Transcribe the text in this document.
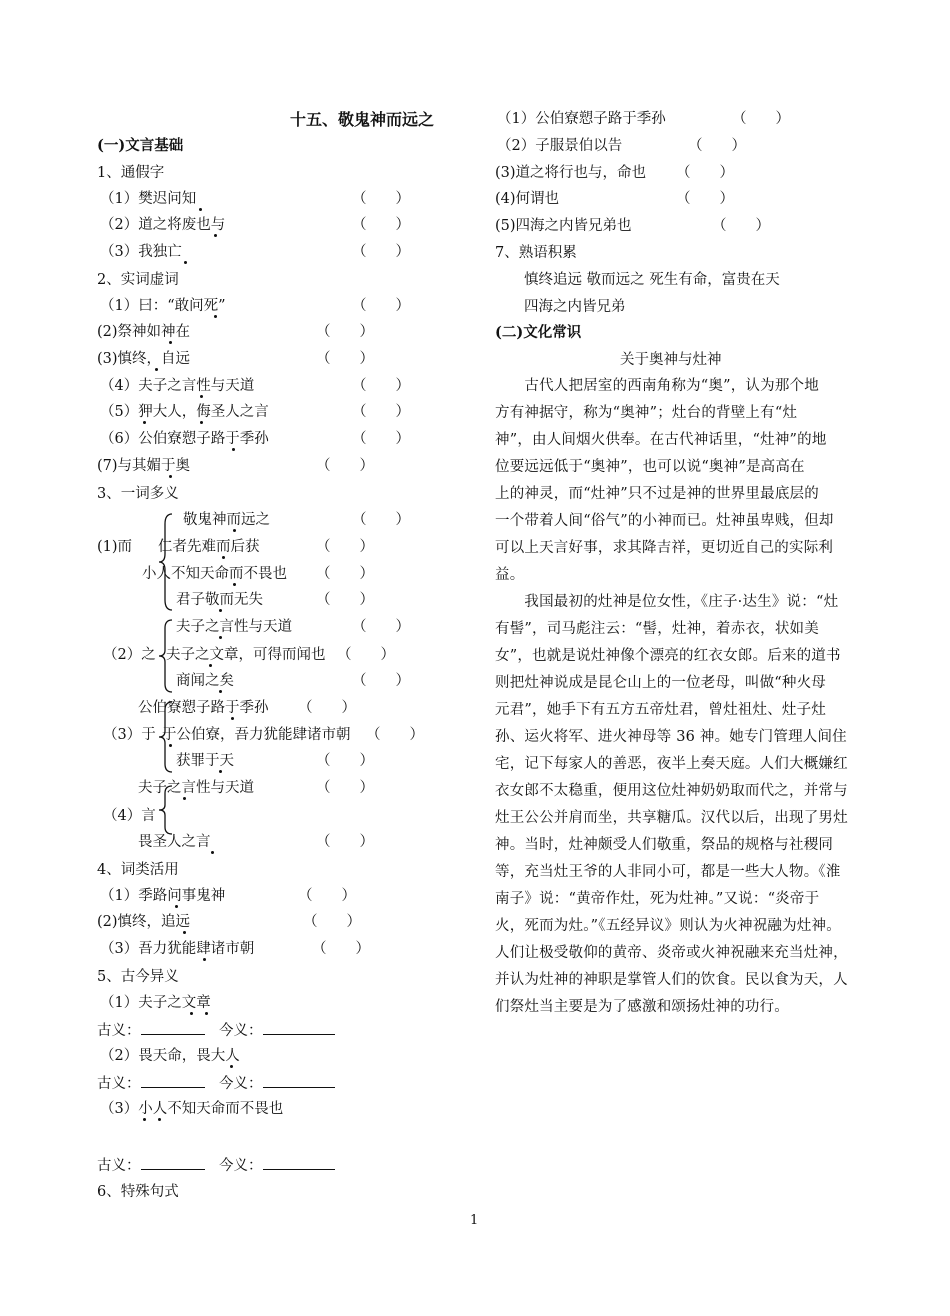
十五、敬鬼神而远之
(一)文言基础
1、通假字
（1）樊迟问知	（　　）
（2）道之将废也与	（　　）
（3）我独亡	（　　）
2、实词虚词
（1）曰：“敢问死”	（　　）
(2)祭神如神在	（　　）
(3)慎终，自远	（　　）
（4）夫子之言性与天道	（　　）
（5）狎大人，侮圣人之言	（　　）
（6）公伯寮愬子路于季孙	（　　）
(7)与其媚于奥	（　　）
3、一词多义
(1)而
敬鬼神而远之	（　　）
仁者先难而后获	（　　）
小人不知天命而不畏也 （　　）
君子敬而无失	（　　）
（2）之
夫子之言性与天道	（　　）
夫子之文章，可得而闻也 （　　）
商闻之矣	（　　）
（3）于
公伯寮愬子路于季孙 （　　）
于公伯寮，吾力犹能肆诸市朝 （　　）
获罪于天	（　　）
（4）言
夫子之言性与天道	（　　）
畏圣人之言	（　　）
4、词类活用
（1）季路问事鬼神	（　　）
(2)慎终，追远	（　　）
（3）吾力犹能肆诸市朝	（　　）
5、古今异义
（1）夫子之文章
古义：　	今义：
（2）畏天命，畏大人
古义：　	今义：
（3）小人不知天命而不畏也
古义：　	今义：
6、特殊句式
（1）公伯寮愬子路于季孙	（　　）
（2）子服景伯以告	（　　）
(3)道之将行也与，命也 （　　）
(4)何谓也	（　　）
(5)四海之内皆兄弟也	（　　）
7、熟语积累
慎终追远 敬而远之 死生有命，富贵在天
四海之内皆兄弟
(二)文化常识
关于奥神与灶神
　　古代人把居室的西南角称为“奥”，认为那个地
方有神据守，称为“奥神”；灶台的背壁上有“灶
神”，由人间烟火供奉。在古代神话里，“灶神”的地
位要远远低于“奥神”，也可以说“奥神”是高高在
上的神灵，而“灶神”只不过是神的世界里最底层的
一个带着人间“俗气”的小神而已。灶神虽卑贱，但却
可以上天言好事，求其降吉祥，更切近自己的实际利
益。
　　我国最初的灶神是位女性，《庄子·达生》说：“灶
有髻”，司马彪注云：“髻，灶神，着赤衣，状如美
女”，也就是说灶神像个漂亮的红衣女郎。后来的道书
则把灶神说成是昆仑山上的一位老母，叫做“种火母
元君”，她手下有五方五帝灶君，曾灶祖灶、灶子灶
孙、运火将军、进火神母等 36 神。她专门管理人间住
宅，记下每家人的善恶，夜半上奏天庭。人们大概嫌红
衣女郎不太稳重，便用这位灶神奶奶取而代之，并常与
灶王公公并肩而坐，共享糖瓜。汉代以后，出现了男灶
神。当时，灶神颇受人们敬重，祭品的规格与社稷同
等，充当灶王爷的人非同小可，都是一些大人物。《淮
南子》说：“黄帝作灶，死为灶神。”又说：“炎帝于
火，死而为灶。”《五经异议》则认为火神祝融为灶神。
人们让极受敬仰的黄帝、炎帝或火神祝融来充当灶神，
并认为灶神的神职是掌管人们的饮食。民以食为天，人
们祭灶当主要是为了感激和颂扬灶神的功行。
1
